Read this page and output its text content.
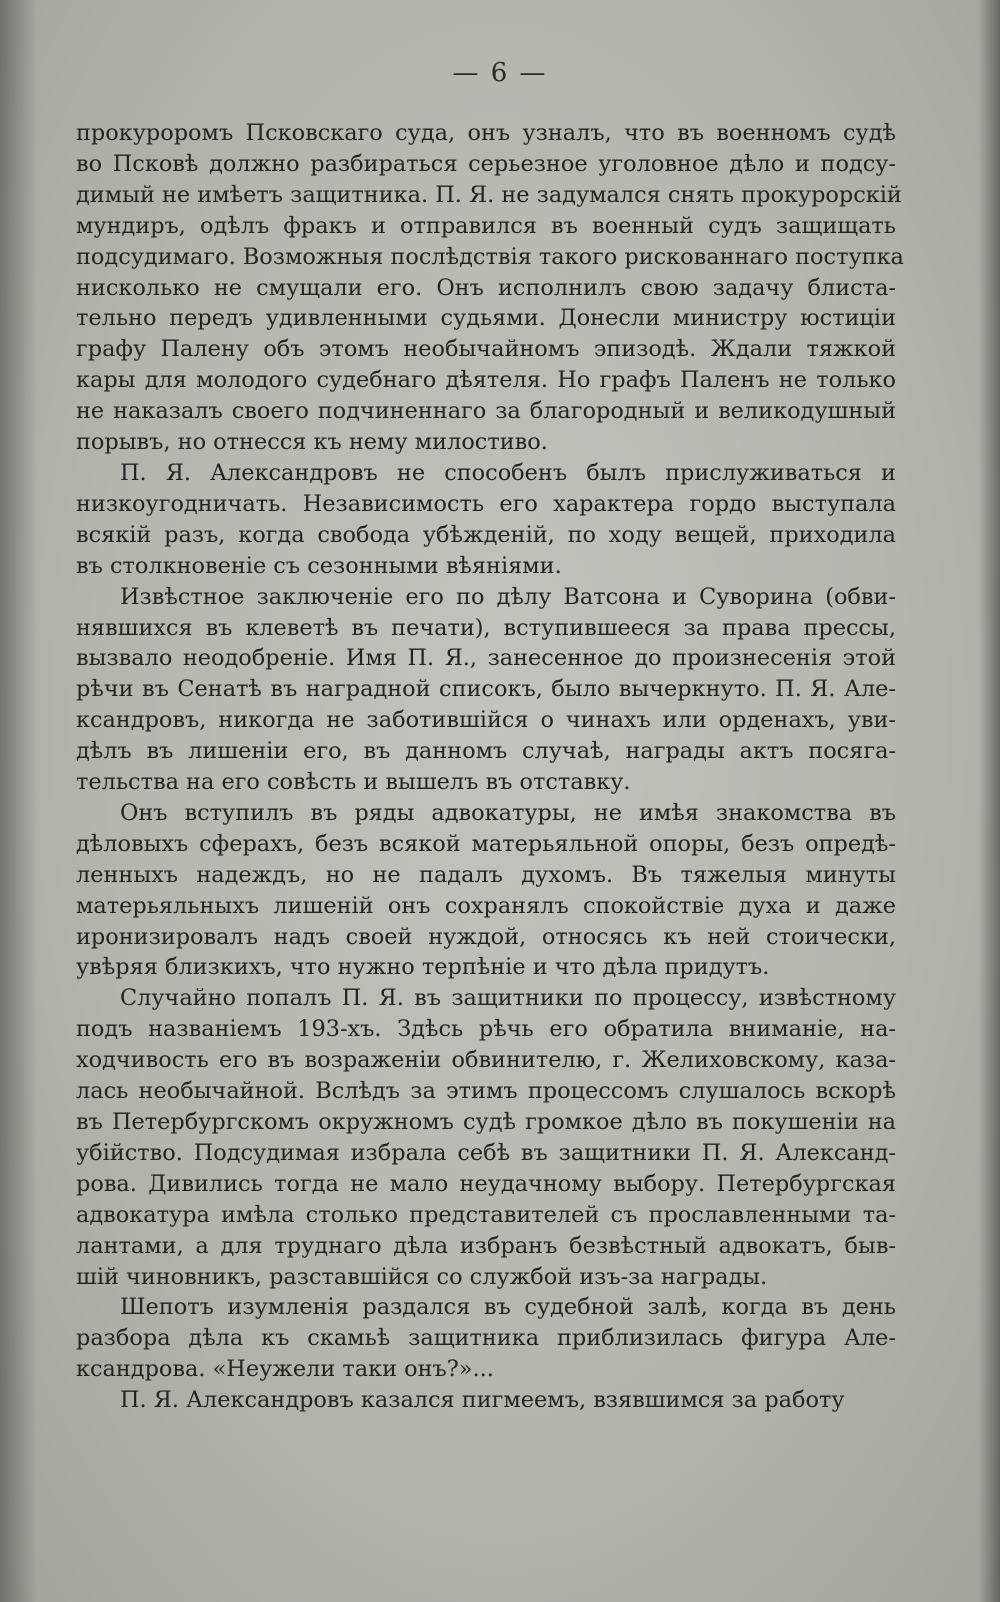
— 6 —
прокуроромъ Псковскаго суда, онъ узналъ, что въ военномъ судѣ
во Псковѣ должно разбираться серьезное уголовное дѣло и подсу-
димый не имѣетъ защитника. П. Я. не задумался снять прокурорскій
мундиръ, одѣлъ фракъ и отправился въ военный судъ защищать
подсудимаго. Возможныя послѣдствія такого рискованнаго поступка
нисколько не смущали его. Онъ исполнилъ свою задачу блиста-
тельно передъ удивленными судьями. Донесли министру юстиціи
графу Палену объ этомъ необычайномъ эпизодѣ. Ждали тяжкой
кары для молодого судебнаго дѣятеля. Но графъ Паленъ не только
не наказалъ своего подчиненнаго за благородный и великодушный
порывъ, но отнесся къ нему милостиво.
П. Я. Александровъ не способенъ былъ прислуживаться и
низкоугодничать. Независимость его характера гордо выступала
всякій разъ, когда свобода убѣжденій, по ходу вещей, приходила
въ столкновеніе съ сезонными вѣяніями.
Извѣстное заключеніе его по дѣлу Ватсона и Суворина (обви-
нявшихся въ клеветѣ въ печати), вступившееся за права прессы,
вызвало неодобреніе. Имя П. Я., занесенное до произнесенія этой
рѣчи въ Сенатѣ въ наградной списокъ, было вычеркнуто. П. Я. Але-
ксандровъ, никогда не заботившійся о чинахъ или орденахъ, уви-
дѣлъ въ лишеніи его, въ данномъ случаѣ, награды актъ посяга-
тельства на его совѣсть и вышелъ въ отставку.
Онъ вступилъ въ ряды адвокатуры, не имѣя знакомства въ
дѣловыхъ сферахъ, безъ всякой матерьяльной опоры, безъ опредѣ-
ленныхъ надеждъ, но не падалъ духомъ. Въ тяжелыя минуты
матерьяльныхъ лишеній онъ сохранялъ спокойствіе духа и даже
иронизировалъ надъ своей нуждой, относясь къ ней стоически,
увѣряя близкихъ, что нужно терпѣніе и что дѣла придутъ.
Случайно попалъ П. Я. въ защитники по процессу, извѣстному
подъ названіемъ 193-хъ. Здѣсь рѣчь его обратила вниманіе, на-
ходчивость его въ возраженіи обвинителю, г. Желиховскому, каза-
лась необычайной. Вслѣдъ за этимъ процессомъ слушалось вскорѣ
въ Петербургскомъ окружномъ судѣ громкое дѣло въ покушеніи на
убійство. Подсудимая избрала себѣ въ защитники П. Я. Александ-
рова. Дивились тогда не мало неудачному выбору. Петербургская
адвокатура имѣла столько представителей съ прославленными та-
лантами, а для труднаго дѣла избранъ безвѣстный адвокатъ, быв-
шій чиновникъ, разставшійся со службой изъ-за награды.
Шепотъ изумленія раздался въ судебной залѣ, когда въ день
разбора дѣла къ скамьѣ защитника приблизилась фигура Але-
ксандрова. «Неужели таки онъ?»...
П. Я. Александровъ казался пигмеемъ, взявшимся за работу
